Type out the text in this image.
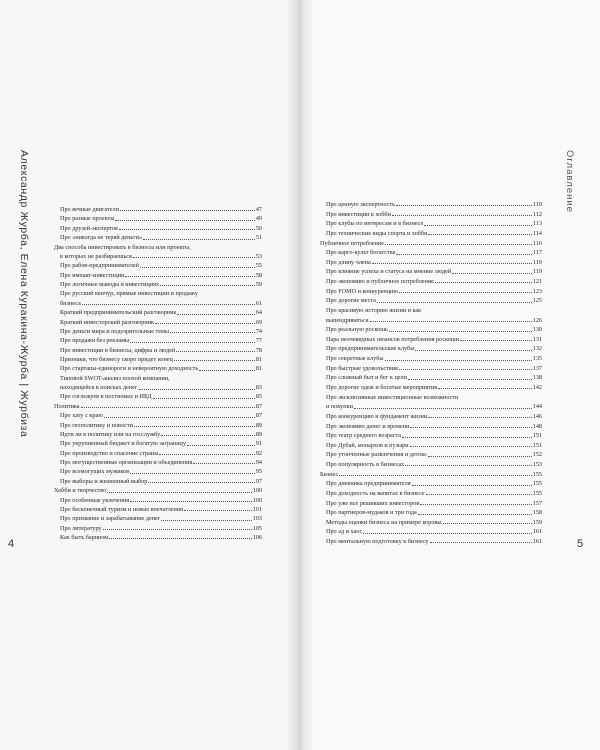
Александр Журба, Елена Куракина-Журба | Журбиза	Оглавление
4	5
Про вечные двигатели	47
Про разные проекты	49
Про друзей-экспертов	50
Про «никогда не теряй деньги»	51
Два способа инвестировать в бизнесы или проекты,
в которых не разбираешься	53
Про рабов-предпринимателей	55
Про импакт-инвестиции	58
Про логичные выводы в инвестициях	59
Про русский венчур, прямые инвестиции и продажу
бизнеса	61
Краткий предпринимательский разговорник	64
Краткий инвесторский разговорник	69
Про деньги мира и подозрительные темы	74
Про продажи без рекламы	77
Про инвестиции в бизнесы, цифры и людей	78
Признаки, что бизнесу скоро придет конец	81
Про стартапы-единороги и невероятную доходность	81
Типовой SWOT-анализ плохой компании,
находящейся в поисках денег	83
Про соглежуев в постиомах и ИБД	85
Политика	87
Про хату с краю	87
Про геополитику и новости	89
Идти ли в политику или на госслужбу	89
Про укрупненный бюджет и богатую заграницу	91
Про производство и спасение страны	92
Про могущественные организации и объединения	94
Про всемогущих мужиков	95
Про выборы и жизненный выбор	97
Хобби и творчество	100
Про особенные увлечения	100
Про бесконечный туризм и новые впечатления	101
Про призвание и зарабатывание денег	103
Про литературу	105
Как быть барином	106
Про ценную экспертность	110
Про инвестиции в хобби	112
Про клубы по интересам и в бизнесе	113
Про технические виды спорта и хобби	114
Публичное потребление	116
Про карго-культ богатства	117
Про длину члена	119
Про влияние успеха и статуса на мнение людей	119
Про экономию и публичное потребление	121
Про FOMO и конкуренцию	123
Про дорогие места	125
Про красивую историю жизни и как
выпендриваться	126
Про реальную роскошь	130
Пара неочевидных нюансов потребления роскоши	131
Про предпринимательские клубы	132
Про секретные клубы	135
Про быстрые удовольствия	137
Про сложный быт и бег к цели	138
Про дорогие одеж и богатые мероприятия	142
Про эксклюзивные инвестиционные возможности
и покупки	144
Про конкуренцию и фундамент жизни	146
Про экономию денег и времени	148
Про театр среднего возраста	151
Про Дубай, монархов и пузыри	151
Про утонченные развлечения и детокс	152
Про популярность в бизнесах	153
Бизнес	155
Про дневника предпринимателя	155
Про доходность на вапитах в бизнесе	155
Про уже все решивших инвесторов	157
Про партнеров-мудаков и три года	158
Методы оценки бизнеса на примере коровы	159
Про ад и хаос	161
Про ментальную подготовку к бизнесу	161
